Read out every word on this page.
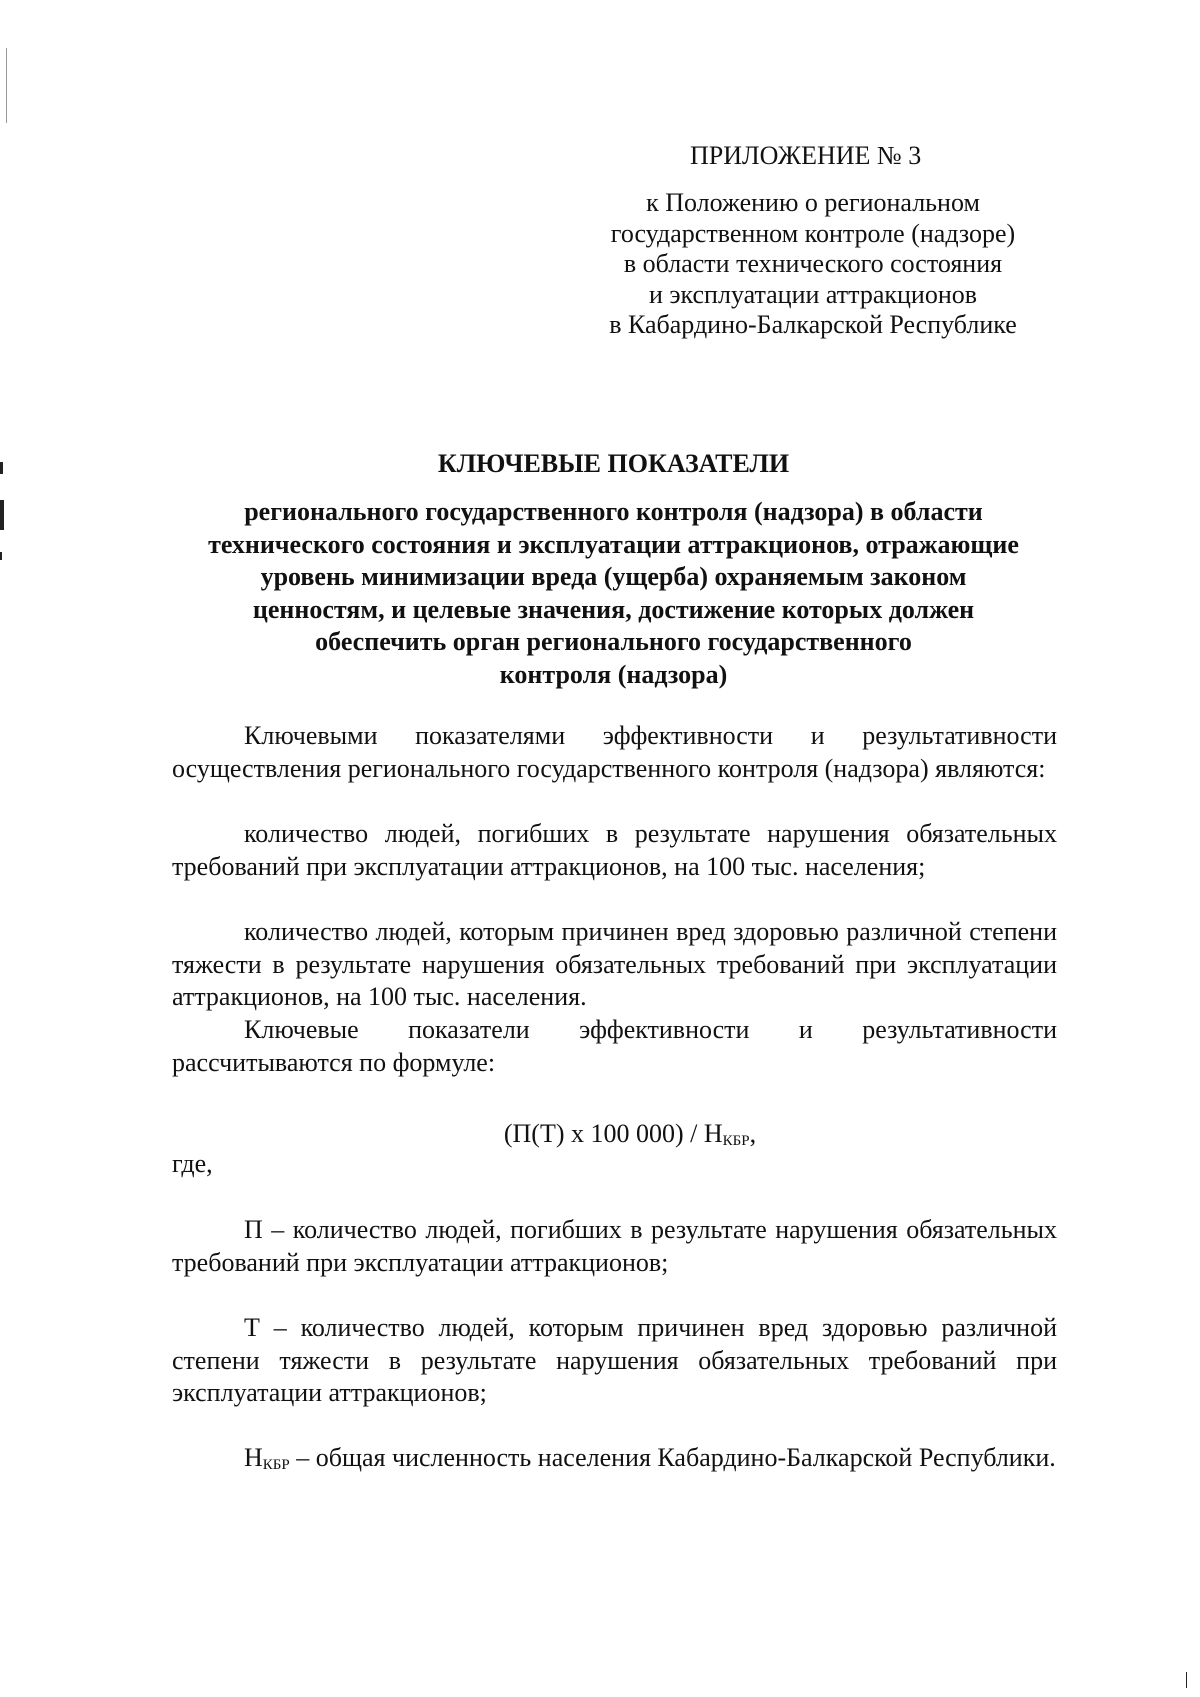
ПРИЛОЖЕНИЕ № 3
к Положению о региональном
государственном контроле (надзоре)
в области технического состояния
и эксплуатации аттракционов
в Кабардино-Балкарской Республике
КЛЮЧЕВЫЕ ПОКАЗАТЕЛИ
регионального государственного контроля (надзора) в области
технического состояния и эксплуатации аттракционов, отражающие
уровень минимизации вреда (ущерба) охраняемым законом
ценностям, и целевые значения, достижение которых должен
обеспечить орган регионального государственного
контроля (надзора)

Ключевыми показателями эффективности и результативности осуществления регионального государственного контроля (надзора) являются:

количество людей, погибших в результате нарушения обязательных требований при эксплуатации аттракционов, на 100 тыс. населения;

количество людей, которым причинен вред здоровью различной степени тяжести в результате нарушения обязательных требований при эксплуатации аттракционов, на 100 тыс. населения.

Ключевые показатели эффективности и результативности рассчитываются по формуле:

(П(Т) x 100 $000) / Н_{КБР}$,
где,

П – количество людей, погибших в результате нарушения обязательных требований при эксплуатации аттракционов;

Т – количество людей, которым причинен вред здоровью различной степени тяжести в результате нарушения обязательных требований при эксплуатации аттракционов;

$Н_{КБР}$ – общая численность населения Кабардино-Балкарской Республики.
